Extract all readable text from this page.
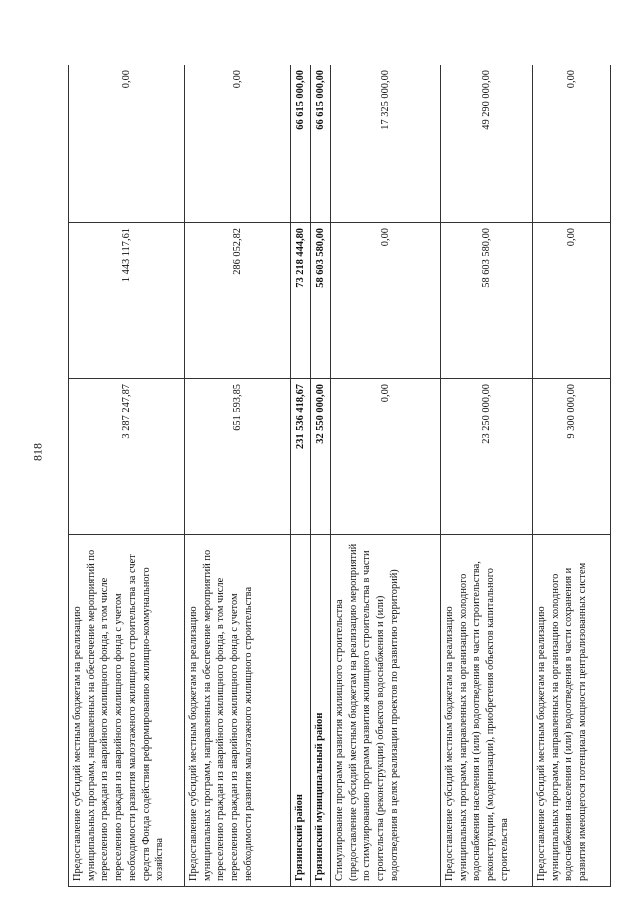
818
Предоставление субсидий местным бюджетам на реализацию муниципальных программ, направленных на обеспечение мероприятий по переселению граждан из аварийного жилищного фонда, в том числе переселению граждан из аварийного жилищного фонда с учетом необходимости развития малоэтажного жилищного строительства за счет средств Фонда содействия реформированию жилищно-коммунального хозяйства	3 287 247,87	1 443 117,61	0,00

Предоставление субсидий местным бюджетам на реализацию муниципальных программ, направленных на обеспечение мероприятий по переселению граждан из аварийного жилищного фонда, в том числе переселению граждан из аварийного жилищного фонда с учетом необходимости развития малоэтажного жилищного строительства	651 593,85	286 052,82	0,00

Грязинский район	231 536 418,67	73 218 444,80	66 615 000,00

Грязинский муниципальный район	32 550 000,00	58 603 580,00	66 615 000,00

Стимулирование программ развития жилищного строительства (предоставление субсидий местным бюджетам на реализацию мероприятий по стимулированию программ развития жилищного строительства в части строительства (реконструкции) объектов водоснабжения и (или) водоотведения в целях реализации проектов по развитию территорий)	0,00	0,00	17 325 000,00

Предоставление субсидий местным бюджетам на реализацию муниципальных программ, направленных на организацию холодного водоснабжения населения и (или) водоотведения в части строительства, реконструкции, (модернизации), приобретения объектов капитального строительства	23 250 000,00	58 603 580,00	49 290 000,00

Предоставление субсидий местным бюджетам на реализацию муниципальных программ, направленных на организацию холодного водоснабжения населения и (или) водоотведения в части сохранения и развития имеющегося потенциала мощности централизованных систем	9 300 000,00	0,00	0,00
